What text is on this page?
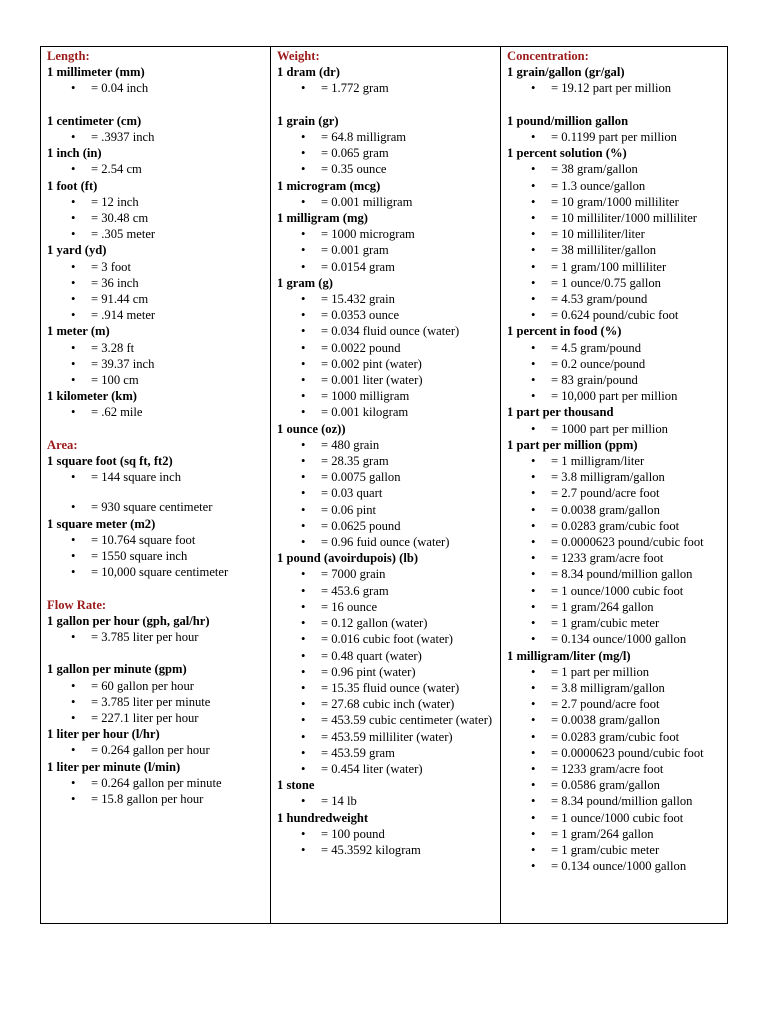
Length:
1 millimeter (mm)
• = 0.04 inch
1 centimeter (cm)
• = .3937 inch
1 inch (in)
• = 2.54 cm
1 foot (ft)
• = 12 inch
• = 30.48 cm
• = .305 meter
1 yard (yd)
• = 3 foot
• = 36 inch
• = 91.44 cm
• = .914 meter
1 meter (m)
• = 3.28 ft
• = 39.37 inch
• = 100 cm
1 kilometer (km)
• = .62 mile
Area:
1 square foot (sq ft, ft2)
• = 144 square inch
• = 930 square centimeter
1 square meter (m2)
• = 10.764 square foot
• = 1550 square inch
• = 10,000 square centimeter
Flow Rate:
1 gallon per hour (gph, gal/hr)
• = 3.785 liter per hour
1 gallon per minute (gpm)
• = 60 gallon per hour
• = 3.785 liter per minute
• = 227.1 liter per hour
1 liter per hour (l/hr)
• = 0.264 gallon per hour
1 liter per minute (l/min)
• = 0.264 gallon per minute
• = 15.8 gallon per hour
Weight:
1 dram (dr)
• = 1.772 gram
1 grain (gr)
• = 64.8 milligram
• = 0.065 gram
• = 0.35 ounce
1 microgram (mcg)
• = 0.001 milligram
1 milligram (mg)
• = 1000 microgram
• = 0.001 gram
• = 0.0154 gram
1 gram (g)
• = 15.432 grain
• = 0.0353 ounce
• = 0.034 fluid ounce (water)
• = 0.0022 pound
• = 0.002 pint (water)
• = 0.001 liter (water)
• = 1000 milligram
• = 0.001 kilogram
1 ounce (oz))
• = 480 grain
• = 28.35 gram
• = 0.0075 gallon
• = 0.03 quart
• = 0.06 pint
• = 0.0625 pound
• = 0.96 fuid ounce (water)
1 pound (avoirdupois) (lb)
• = 7000 grain
• = 453.6 gram
• = 16 ounce
• = 0.12 gallon (water)
• = 0.016 cubic foot (water)
• = 0.48 quart (water)
• = 0.96 pint (water)
• = 15.35 fluid ounce (water)
• = 27.68 cubic inch (water)
• = 453.59 cubic centimeter (water)
• = 453.59 milliliter (water)
• = 453.59 gram
• = 0.454 liter (water)
1 stone
• = 14 lb
1 hundredweight
• = 100 pound
• = 45.3592 kilogram
Concentration:
1 grain/gallon (gr/gal)
• = 19.12 part per million
1 pound/million gallon
• = 0.1199 part per million
1 percent solution (%)
• = 38 gram/gallon
• = 1.3 ounce/gallon
• = 10 gram/1000 milliliter
• = 10 milliliter/1000 milliliter
• = 10 milliliter/liter
• = 38 milliliter/gallon
• = 1 gram/100 milliliter
• = 1 ounce/0.75 gallon
• = 4.53 gram/pound
• = 0.624 pound/cubic foot
1 percent in food (%)
• = 4.5 gram/pound
• = 0.2 ounce/pound
• = 83 grain/pound
• = 10,000 part per million
1 part per thousand
• = 1000 part per million
1 part per million (ppm)
• = 1 milligram/liter
• = 3.8 milligram/gallon
• = 2.7 pound/acre foot
• = 0.0038 gram/gallon
• = 0.0283 gram/cubic foot
• = 0.0000623 pound/cubic foot
• = 1233 gram/acre foot
• = 8.34 pound/million gallon
• = 1 ounce/1000 cubic foot
• = 1 gram/264 gallon
• = 1 gram/cubic meter
• = 0.134 ounce/1000 gallon
1 milligram/liter (mg/l)
• = 1 part per million
• = 3.8 milligram/gallon
• = 2.7 pound/acre foot
• = 0.0038 gram/gallon
• = 0.0283 gram/cubic foot
• = 0.0000623 pound/cubic foot
• = 1233 gram/acre foot
• = 0.0586 gram/gallon
• = 8.34 pound/million gallon
• = 1 ounce/1000 cubic foot
• = 1 gram/264 gallon
• = 1 gram/cubic meter
• = 0.134 ounce/1000 gallon
